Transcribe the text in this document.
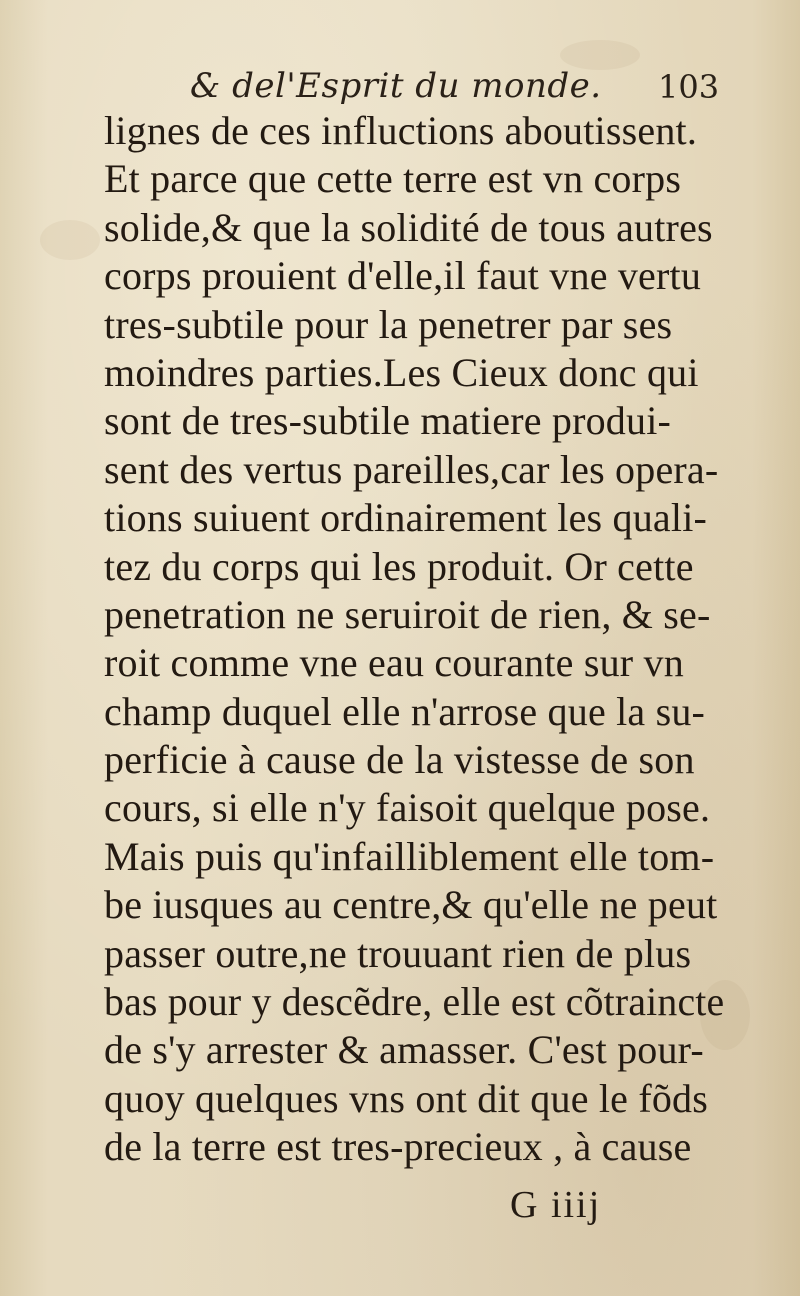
& del'Esprit du monde. 103
lignes de ces influctions aboutissent.
Et parce que cette terre est vn corps
solide,& que la solidité de tous autres
corps prouient d'elle,il faut vne vertu
tres-subtile pour la penetrer par ses
moindres parties.Les Cieux donc qui
sont de tres-subtile matiere produi-
sent des vertus pareilles,car les opera-
tions suiuent ordinairement les quali-
tez du corps qui les produit. Or cette
penetration ne seruiroit de rien, & se-
roit comme vne eau courante sur vn
champ duquel elle n'arrose que la su-
perficie à cause de la vistesse de son
cours, si elle n'y faisoit quelque pose.
Mais puis qu'infailliblement elle tom-
be iusques au centre,& qu'elle ne peut
passer outre,ne trouuant rien de plus
bas pour y descẽdre, elle est cõtraincte
de s'y arrester & amasser. C'est pour-
quoy quelques vns ont dit que le fõds
de la terre est tres-precieux , à cause
G iiij
